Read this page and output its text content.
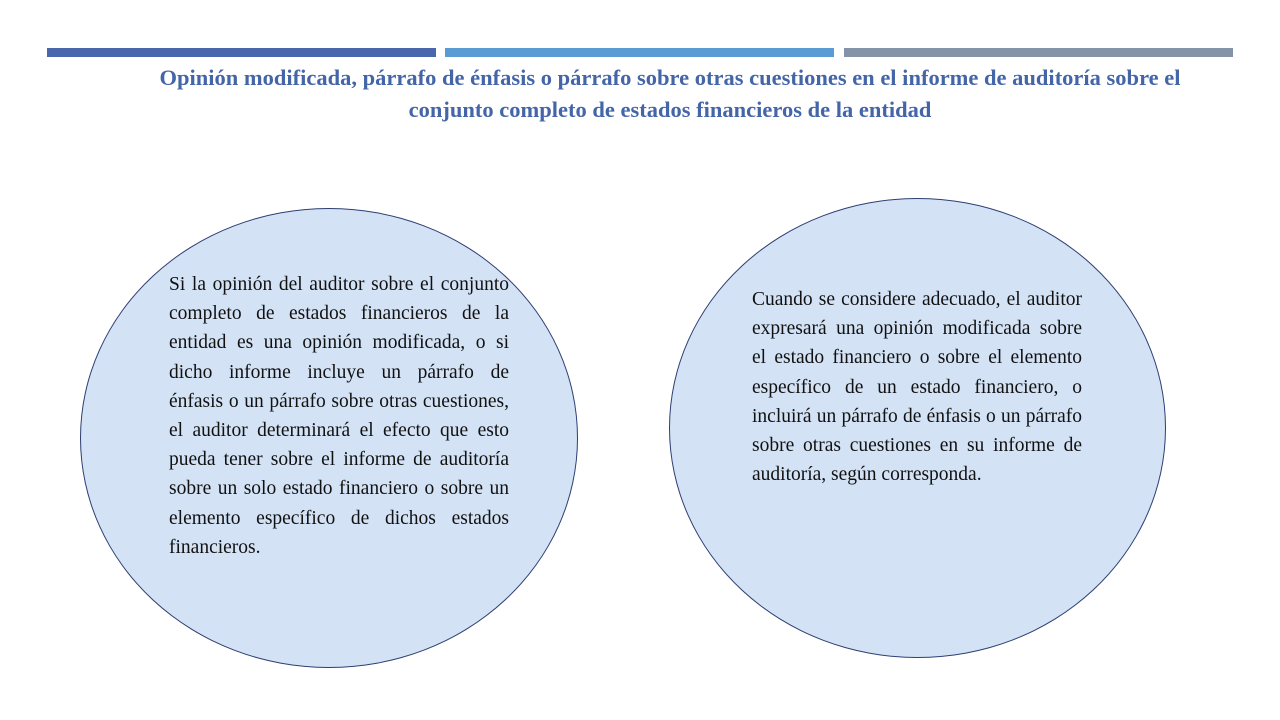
Opinión modificada, párrafo de énfasis o párrafo sobre otras cuestiones en el informe de auditoría sobre el conjunto completo de estados financieros de la entidad

Si la opinión del auditor sobre el conjunto completo de estados financieros de la entidad es una opinión modificada, o si dicho informe incluye un párrafo de énfasis o un párrafo sobre otras cuestiones, el auditor determinará el efecto que esto pueda tener sobre el informe de auditoría sobre un solo estado financiero o sobre un elemento específico de dichos estados financieros.

Cuando se considere adecuado, el auditor expresará una opinión modificada sobre el estado financiero o sobre el elemento específico de un estado financiero, o incluirá un párrafo de énfasis o un párrafo sobre otras cuestiones en su informe de auditoría, según corresponda.
